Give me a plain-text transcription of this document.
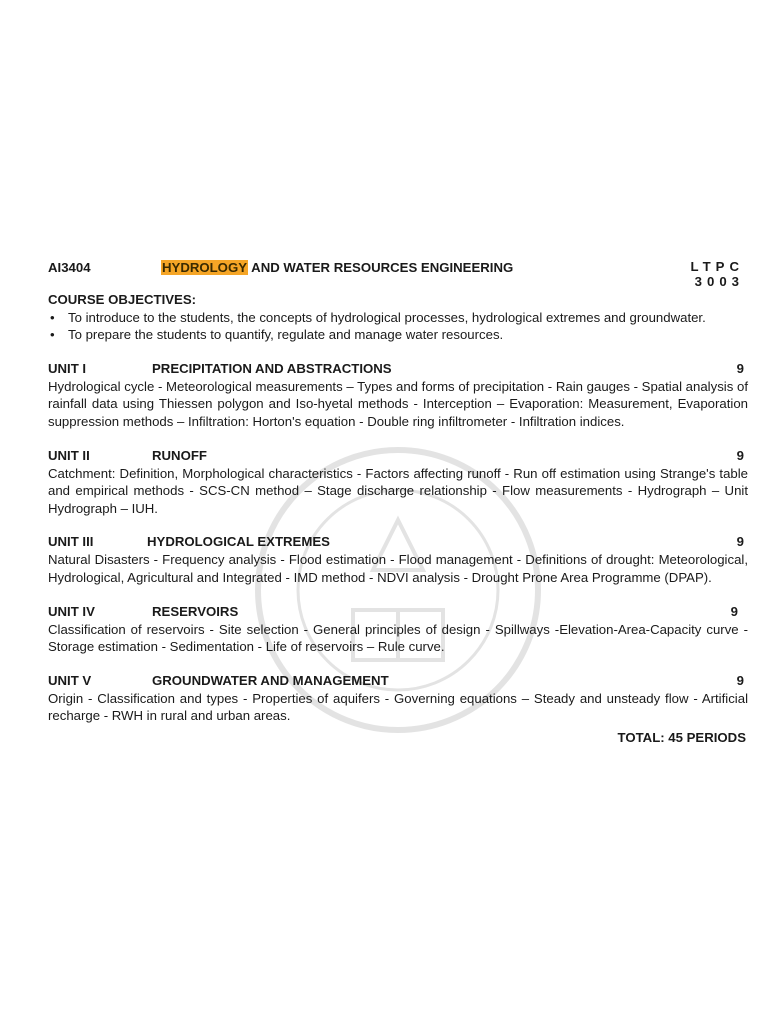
AI3404	HYDROLOGY AND WATER RESOURCES ENGINEERING	LTPC
3003
COURSE OBJECTIVES:
• To introduce to the students, the concepts of hydrological processes, hydrological extremes and groundwater.
• To prepare the students to quantify, regulate and manage water resources.
UNIT I	PRECIPITATION AND ABSTRACTIONS	9
Hydrological cycle - Meteorological measurements – Types and forms of precipitation - Rain gauges - Spatial analysis of rainfall data using Thiessen polygon and Iso-hyetal methods - Interception – Evaporation: Measurement, Evaporation suppression methods – Infiltration: Horton's equation - Double ring infiltrometer - Infiltration indices.
UNIT II	RUNOFF	9
Catchment: Definition, Morphological characteristics - Factors affecting runoff - Run off estimation using Strange's table and empirical methods - SCS-CN method – Stage discharge relationship - Flow measurements - Hydrograph – Unit Hydrograph – IUH.
UNIT III	HYDROLOGICAL EXTREMES	9
Natural Disasters - Frequency analysis - Flood estimation - Flood management - Definitions of drought: Meteorological, Hydrological, Agricultural and Integrated - IMD method - NDVI analysis - Drought Prone Area Programme (DPAP).
UNIT IV	RESERVOIRS	9
Classification of reservoirs - Site selection - General principles of design - Spillways -Elevation-Area-Capacity curve - Storage estimation - Sedimentation - Life of reservoirs – Rule curve.
UNIT V	GROUNDWATER AND MANAGEMENT	9
Origin - Classification and types - Properties of aquifers - Governing equations – Steady and unsteady flow - Artificial recharge - RWH in rural and urban areas.
TOTAL: 45 PERIODS
